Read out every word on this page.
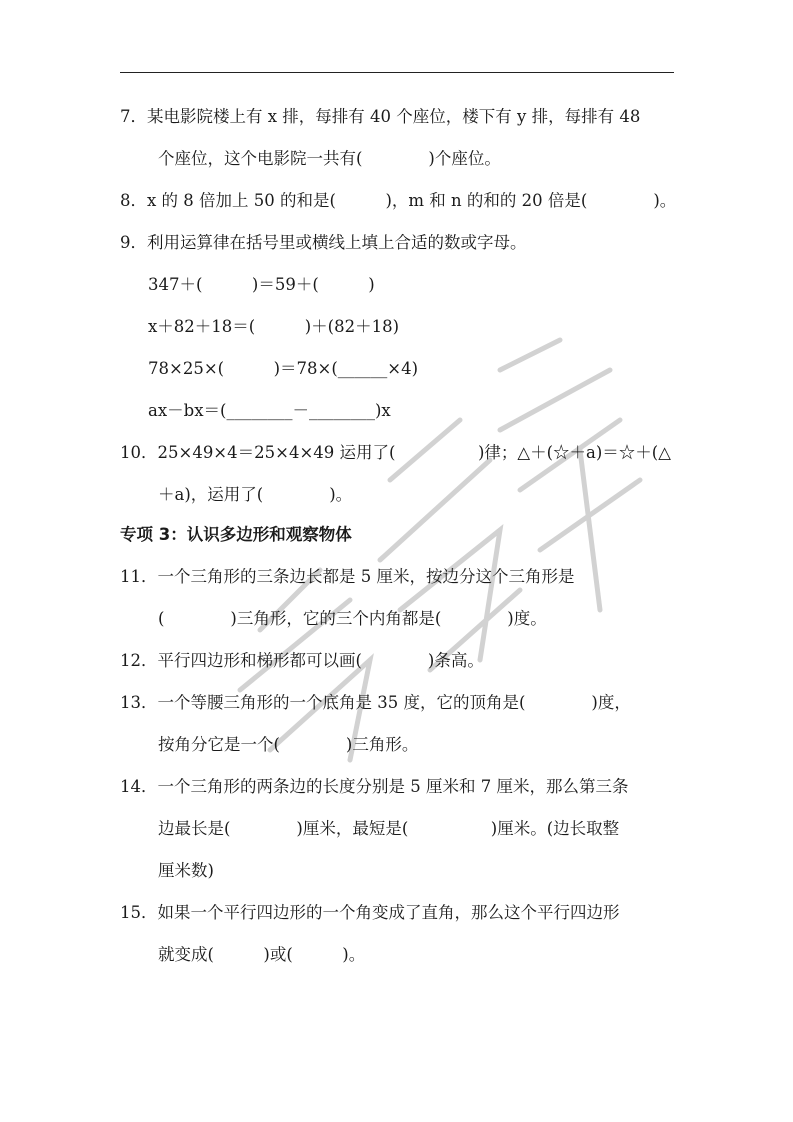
7．某电影院楼上有 x 排，每排有 40 个座位，楼下有 y 排，每排有 48
个座位，这个电影院一共有(　　　　)个座位。
8．x 的 8 倍加上 50 的和是(　　　)，m 和 n 的和的 20 倍是(　　　　)。
9．利用运算律在括号里或横线上填上合适的数或字母。
347＋(　　　)＝59＋(　　　)
x＋82＋18＝(　　　)＋(82＋18)
78×25×(　　　)＝78×(______×4)
ax－bx＝(________－________)x
10．25×49×4＝25×4×49 运用了(　　　　　)律；△＋(☆＋a)＝☆＋(△
＋a)，运用了(　　　　)。
专项 3：认识多边形和观察物体
11．一个三角形的三条边长都是 5 厘米，按边分这个三角形是
(　　　　)三角形，它的三个内角都是(　　　　)度。
12．平行四边形和梯形都可以画(　　　　)条高。
13．一个等腰三角形的一个底角是 35 度，它的顶角是(　　　　)度，
按角分它是一个(　　　　)三角形。
14．一个三角形的两条边的长度分别是 5 厘米和 7 厘米，那么第三条
边最长是(　　　　)厘米，最短是(　　　　　)厘米。(边长取整
厘米数)
15．如果一个平行四边形的一个角变成了直角，那么这个平行四边形
就变成(　　　)或(　　　)。
